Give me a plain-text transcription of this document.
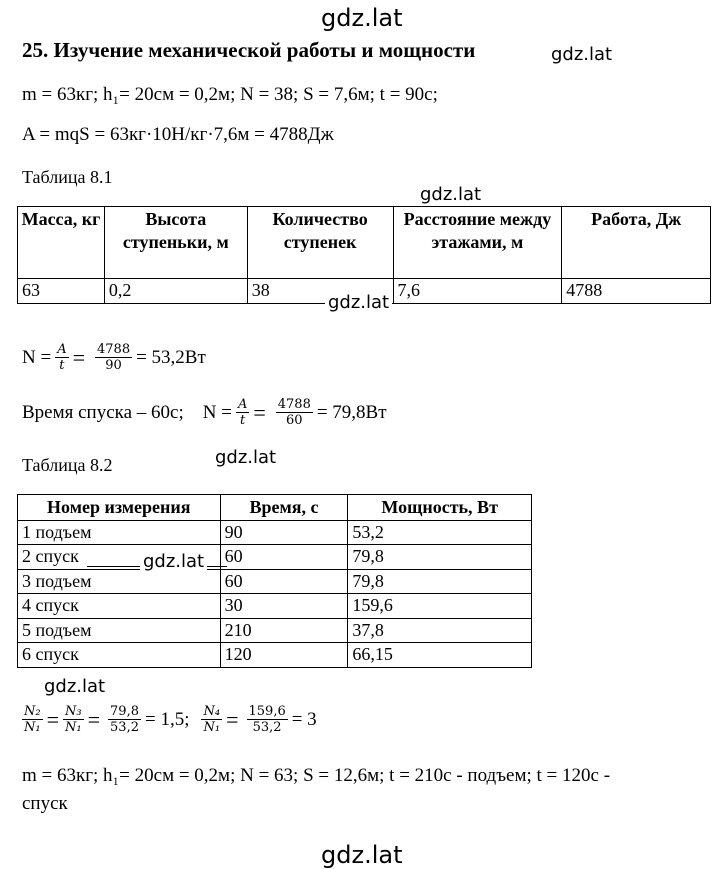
gdz.lat
gdz.lat
gdz.lat
gdz.lat
gdz.lat
gdz.lat
25. Изучение механической работы и мощности
m = 63кг; h₁= 20см = 0,2м; N = 38; S = 7,6м; t = 90с;
A = mqS = 63кг·10Н/кг·7,6м = 4788Дж
Таблица 8.1
Масса, кг	Высота ступеньки, м	Количество ступенек	Расстояние между этажами, м	Работа, Дж
63	0,2	38	7,6	4788
gdz.lat
$N = \frac{A}{t} = \frac{4788}{90} = 53,2Вт$
Время спуска – 60с;    $N = \frac{A}{t} = \frac{4788}{60} = 79,8Вт$
Таблица 8.2
Номер измерения	Время, с	Мощность, Вт
1 подъем	90	53,2
2 спуск	60	79,8
3 подъем	60	79,8
4 спуск	30	159,6
5 подъем	210	37,8
6 спуск	120	66,15
gdz.lat
$\frac{\text{N₂}}{\text{N₁}} = \frac{\text{N₃}}{\text{N₁}} = \frac{79,8}{53,2} = 1,5$; $\frac{\text{N₄}}{\text{N₁}} = \frac{159,6}{53,2} = 3$
m = 63кг; h₁= 20см = 0,2м; N = 63; S = 12,6м; t = 210с - подъем; t = 120с -
спуск
